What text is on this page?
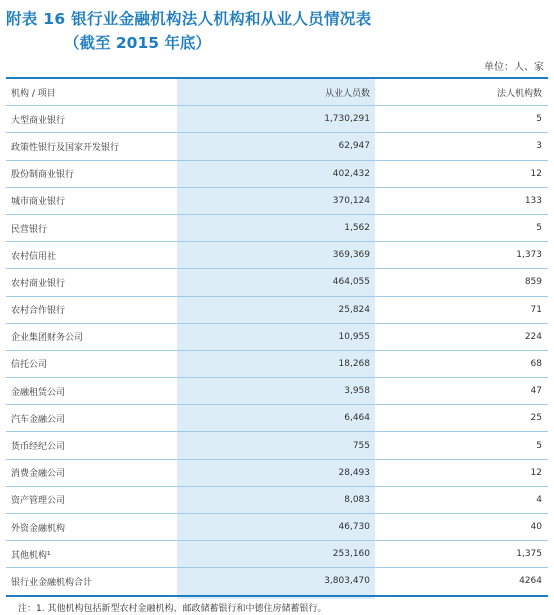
附表 16 银行业金融机构法人机构和从业人员情况表
（截至 2015 年底）
单位：人、家
机构 / 项目	从业人员数	法人机构数
大型商业银行	1,730,291	5
政策性银行及国家开发银行	62,947	3
股份制商业银行	402,432	12
城市商业银行	370,124	133
民营银行	1,562	5
农村信用社	369,369	1,373
农村商业银行	464,055	859
农村合作银行	25,824	71
企业集团财务公司	10,955	224
信托公司	18,268	68
金融租赁公司	3,958	47
汽车金融公司	6,464	25
货币经纪公司	755	5
消费金融公司	28,493	12
资产管理公司	8,083	4
外资金融机构	46,730	40
其他机构¹	253,160	1,375
银行业金融机构合计	3,803,470	4264
注：1. 其他机构包括新型农村金融机构、邮政储蓄银行和中德住房储蓄银行。
